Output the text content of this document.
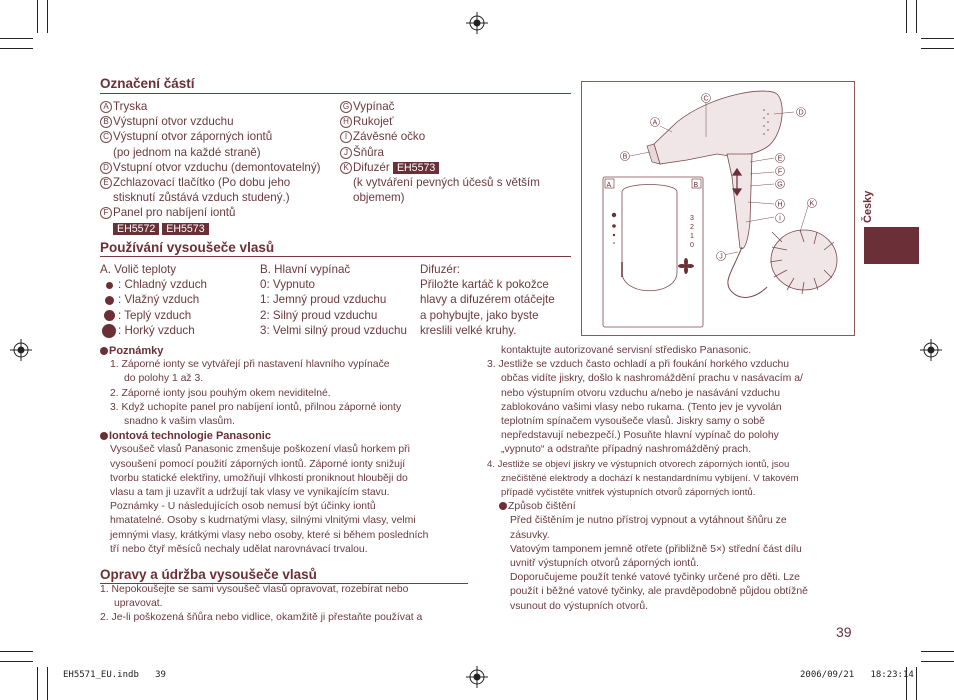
Označení částí
A Tryska
B Výstupní otvor vzduchu
C Výstupní otvor záporných iontů
(po jednom na každé straně)
D Vstupní otvor vzduchu (demontovatelný)
E Zchlazovací tlačítko (Po dobu jeho
stisknutí zůstává vzduch studený.)
F Panel pro nabíjení iontů
EH5572 EH5573
G Vypínač
H Rukojeť
I Závěsné očko
J Šňůra
K Difuzér EH5573
(k vytváření pevných účesů s větším
objemem)
Používání vysoušeče vlasů
A. Volič teploty
: Chladný vzduch
: Vlažný vzduch
: Teplý vzduch
: Horký vzduch
B. Hlavní vypínač
0: Vypnuto
1: Jemný proud vzduchu
2: Silný proud vzduchu
3: Velmi silný proud vzduchu
Difuzér:
Přiložte kartáč k pokožce
hlavy a difuzérem otáčejte
a pohybujte, jako byste
kreslili velké kruhy.
Poznámky
1. Záporné ionty se vytvářejí při nastavení hlavního vypínače
do polohy 1 až 3.
2. Záporné ionty jsou pouhým okem neviditelné.
3. Když uchopíte panel pro nabíjení iontů, přilnou záporné ionty
snadno k vašim vlasům.
Iontová technologie Panasonic
Vysoušeč vlasů Panasonic zmenšuje poškození vlasů horkem při
vysoušení pomocí použití záporných iontů. Záporné ionty snižují
tvorbu statické elektřiny, umožňují vlhkosti proniknout hlouběji do
vlasu a tam ji uzavřít a udržují tak vlasy ve vynikajícím stavu.
Poznámky - U následujících osob nemusí být účinky iontů
hmatatelné. Osoby s kudrnatými vlasy, silnými vlnitými vlasy, velmi
jemnými vlasy, krátkými vlasy nebo osoby, které si během posledních
tří nebo čtyř měsíců nechaly udělat narovnávací trvalou.
Opravy a údržba vysoušeče vlasů
1. Nepokoušejte se sami vysoušeč vlasů opravovat, rozebírat nebo
upravovat.
2. Je-li poškozená šňůra nebo vidlice, okamžitě ji přestaňte používat a
kontaktujte autorizované servisní středisko Panasonic.
3. Jestliže se vzduch často ochladí a při foukání horkého vzduchu
občas vidíte jiskry, došlo k nashromáždění prachu v nasávacím a/
nebo výstupním otvoru vzduchu a/nebo je nasávání vzduchu
zablokováno vašimi vlasy nebo rukama. (Tento jev je vyvolán
teplotním spínačem vysoušeče vlasů. Jiskry samy o sobě
nepředstavují nebezpečí.) Posuňte hlavní vypínač do polohy
„vypnuto“ a odstraňte případný nashromážděný prach.
4. Jestliže se objeví jiskry ve výstupních otvorech záporných iontů, jsou
znečištěné elektrody a dochází k nestandardnímu vybíjení. V takovém
případě vyčistěte vnitřek výstupních otvorů záporných iontů.
Způsob čištění
Před čištěním je nutno přístroj vypnout a vytáhnout šňůru ze
zásuvky.
Vatovým tamponem jemně otřete (přibližně 5×) střední část dílu
uvnitř výstupních otvorů záporných iontů.
Doporučujeme použít tenké vatové tyčinky určené pro děti. Lze
použít i běžné vatové tyčinky, ale pravděpodobně půjdou obtížně
vsunout do výstupních otvorů.
39
Česky
A	B
3
2
1
0
A
B
C
D
E
F
G
H
I
J
K
EH5571_EU.indb 39	2006/09/21 18:23:14
